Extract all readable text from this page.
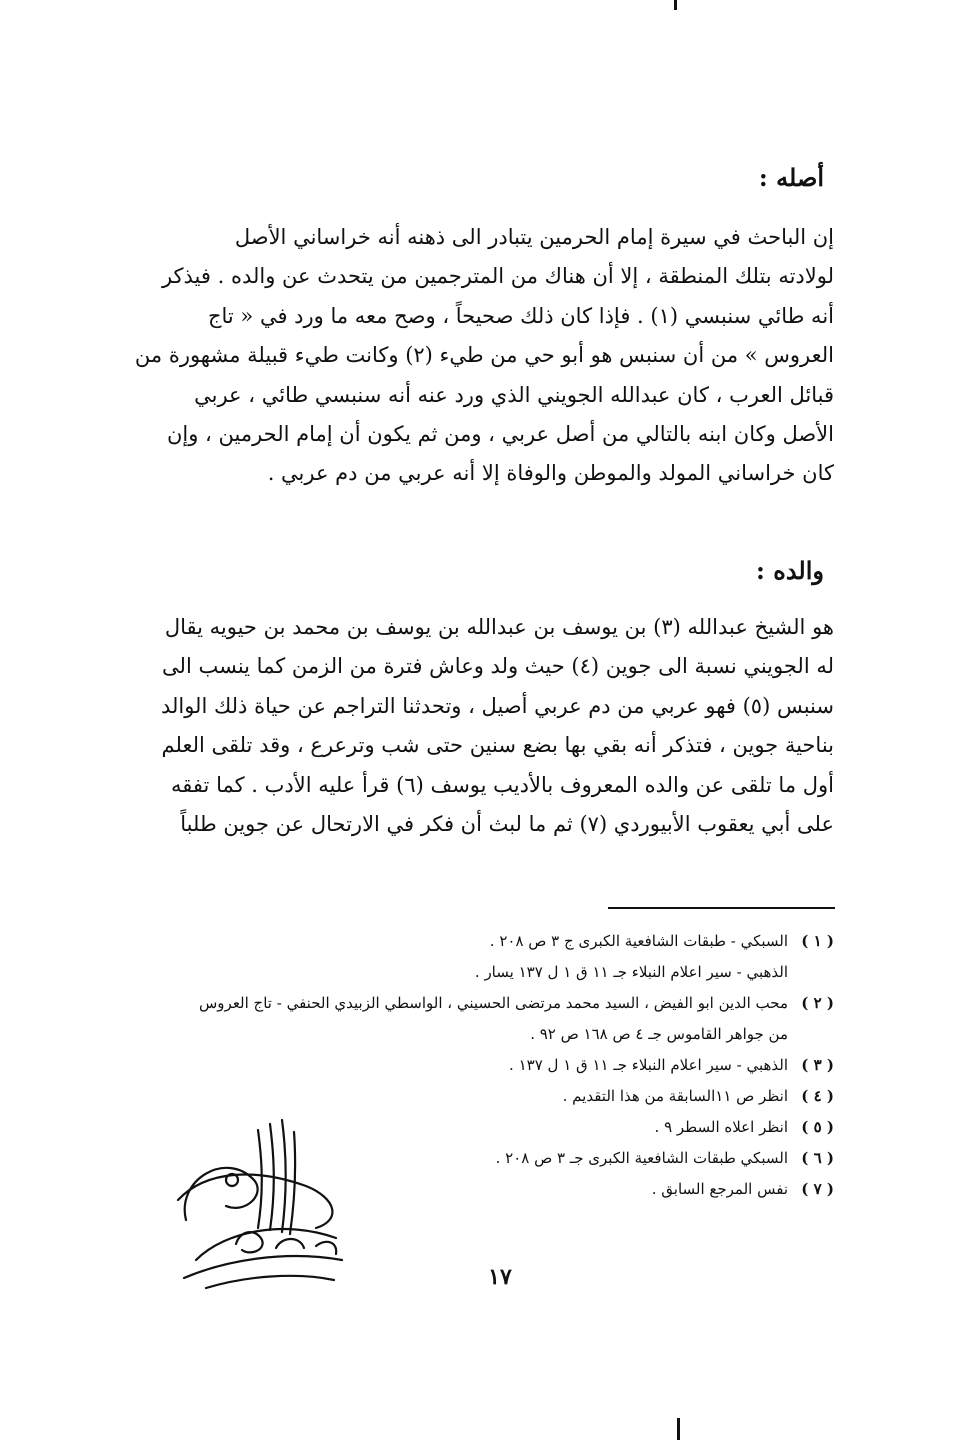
أصله :
إن الباحث في سيرة إمام الحرمين يتبادر الى ذهنه أنه خراساني الأصل
لولادته بتلك المنطقة ، إلا أن هناك من المترجمين من يتحدث عن والده . فيذكر
أنه طائي سنبسي (١) . فإذا كان ذلك صحيحاً ، وصح معه ما ورد في « تاج
العروس » من أن سنبس هو أبو حي من طيء (٢) وكانت طيء قبيلة مشهورة من
قبائل العرب ، كان عبدالله الجويني الذي ورد عنه أنه سنبسي طائي ، عربي
الأصل وكان ابنه بالتالي من أصل عربي ، ومن ثم يكون أن إمام الحرمين ، وإن
كان خراساني المولد والموطن والوفاة إلا أنه عربي من دم عربي .
والده :
هو الشيخ عبدالله (٣) بن يوسف بن عبدالله بن يوسف بن محمد بن حيويه يقال
له الجويني نسبة الى جوين (٤) حيث ولد وعاش فترة من الزمن كما ينسب الى
سنبس (٥) فهو عربي من دم عربي أصيل ، وتحدثنا التراجم عن حياة ذلك الوالد
بناحية جوين ، فتذكر أنه بقي بها بضع سنين حتى شب وترعرع ، وقد تلقى العلم
أول ما تلقى عن والده المعروف بالأديب يوسف (٦) قرأ عليه الأدب . كما تفقه
على أبي يعقوب الأبيوردي (٧) ثم ما لبث أن فكر في الارتحال عن جوين طلباً
( ١ )
السبكي - طبقات الشافعية الكبرى ج ٣ ص ٢٠٨ .
الذهبي - سير اعلام النبلاء جـ ١١ ق ١ ل ١٣٧ يسار .
( ٢ )
محب الدين ابو الفيض ، السيد محمد مرتضى الحسيني ، الواسطي الزبيدي الحنفي - تاج العروس
من جواهر القاموس جـ ٤ ص ١٦٨ ص ٩٢ .
( ٣ )
الذهبي - سير اعلام النبلاء جـ ١١ ق ١ ل ١٣٧ .
( ٤ )
انظر ص ١١السابقة من هذا التقديم .
( ٥ )
انظر اعلاه السطر ٩ .
( ٦ )
السبكي طبقات الشافعية الكبرى جـ ٣ ص ٢٠٨ .
( ٧ )
نفس المرجع السابق .
١٧
